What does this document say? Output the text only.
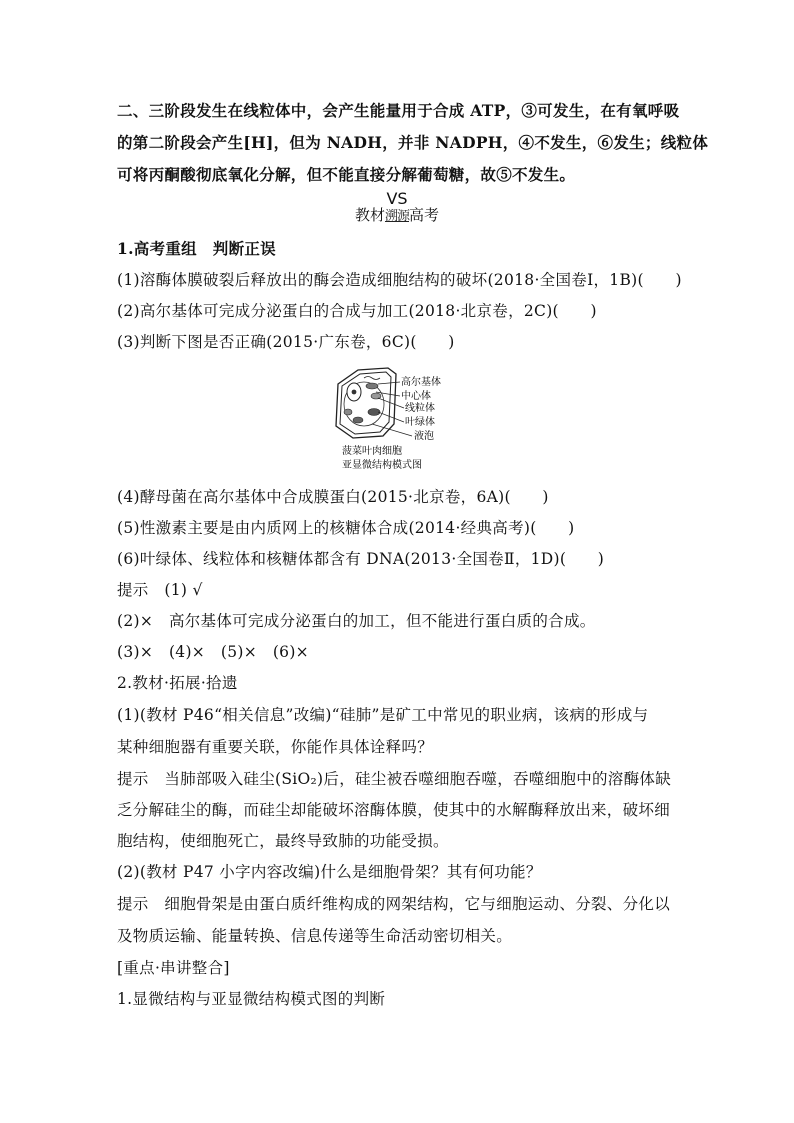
二、三阶段发生在线粒体中，会产生能量用于合成 ATP，③可发生，在有氧呼吸
的第二阶段会产生[H]，但为 NADH，并非 NADPH，④不发生，⑥发生；线粒体
可将丙酮酸彻底氧化分解，但不能直接分解葡萄糖，故⑤不发生。
VS
教材溯源高考
1.高考重组　判断正误
(1)溶酶体膜破裂后释放出的酶会造成细胞结构的破坏(2018·全国卷Ⅰ，1B)(　　)
(2)高尔基体可完成分泌蛋白的合成与加工(2018·北京卷，2C)(　　)
(3)判断下图是否正确(2015·广东卷，6C)(　　)
高尔基体
中心体
线粒体
叶绿体
液泡
菠菜叶肉细胞
亚显微结构模式图
(4)酵母菌在高尔基体中合成膜蛋白(2015·北京卷，6A)(　　)
(5)性激素主要是由内质网上的核糖体合成(2014·经典高考)(　　)
(6)叶绿体、线粒体和核糖体都含有 DNA(2013·全国卷Ⅱ，1D)(　　)
提示　(1) √
(2)×　高尔基体可完成分泌蛋白的加工，但不能进行蛋白质的合成。
(3)×　(4)×　(5)×　(6)×
2.教材·拓展·拾遗
(1)(教材 P46“相关信息”改编)“硅肺”是矿工中常见的职业病，该病的形成与
某种细胞器有重要关联，你能作具体诠释吗？
提示　当肺部吸入硅尘(SiO₂)后，硅尘被吞噬细胞吞噬，吞噬细胞中的溶酶体缺
乏分解硅尘的酶，而硅尘却能破坏溶酶体膜，使其中的水解酶释放出来，破坏细
胞结构，使细胞死亡，最终导致肺的功能受损。
(2)(教材 P47 小字内容改编)什么是细胞骨架？其有何功能？
提示　细胞骨架是由蛋白质纤维构成的网架结构，它与细胞运动、分裂、分化以
及物质运输、能量转换、信息传递等生命活动密切相关。
[重点·串讲整合]
1.显微结构与亚显微结构模式图的判断
